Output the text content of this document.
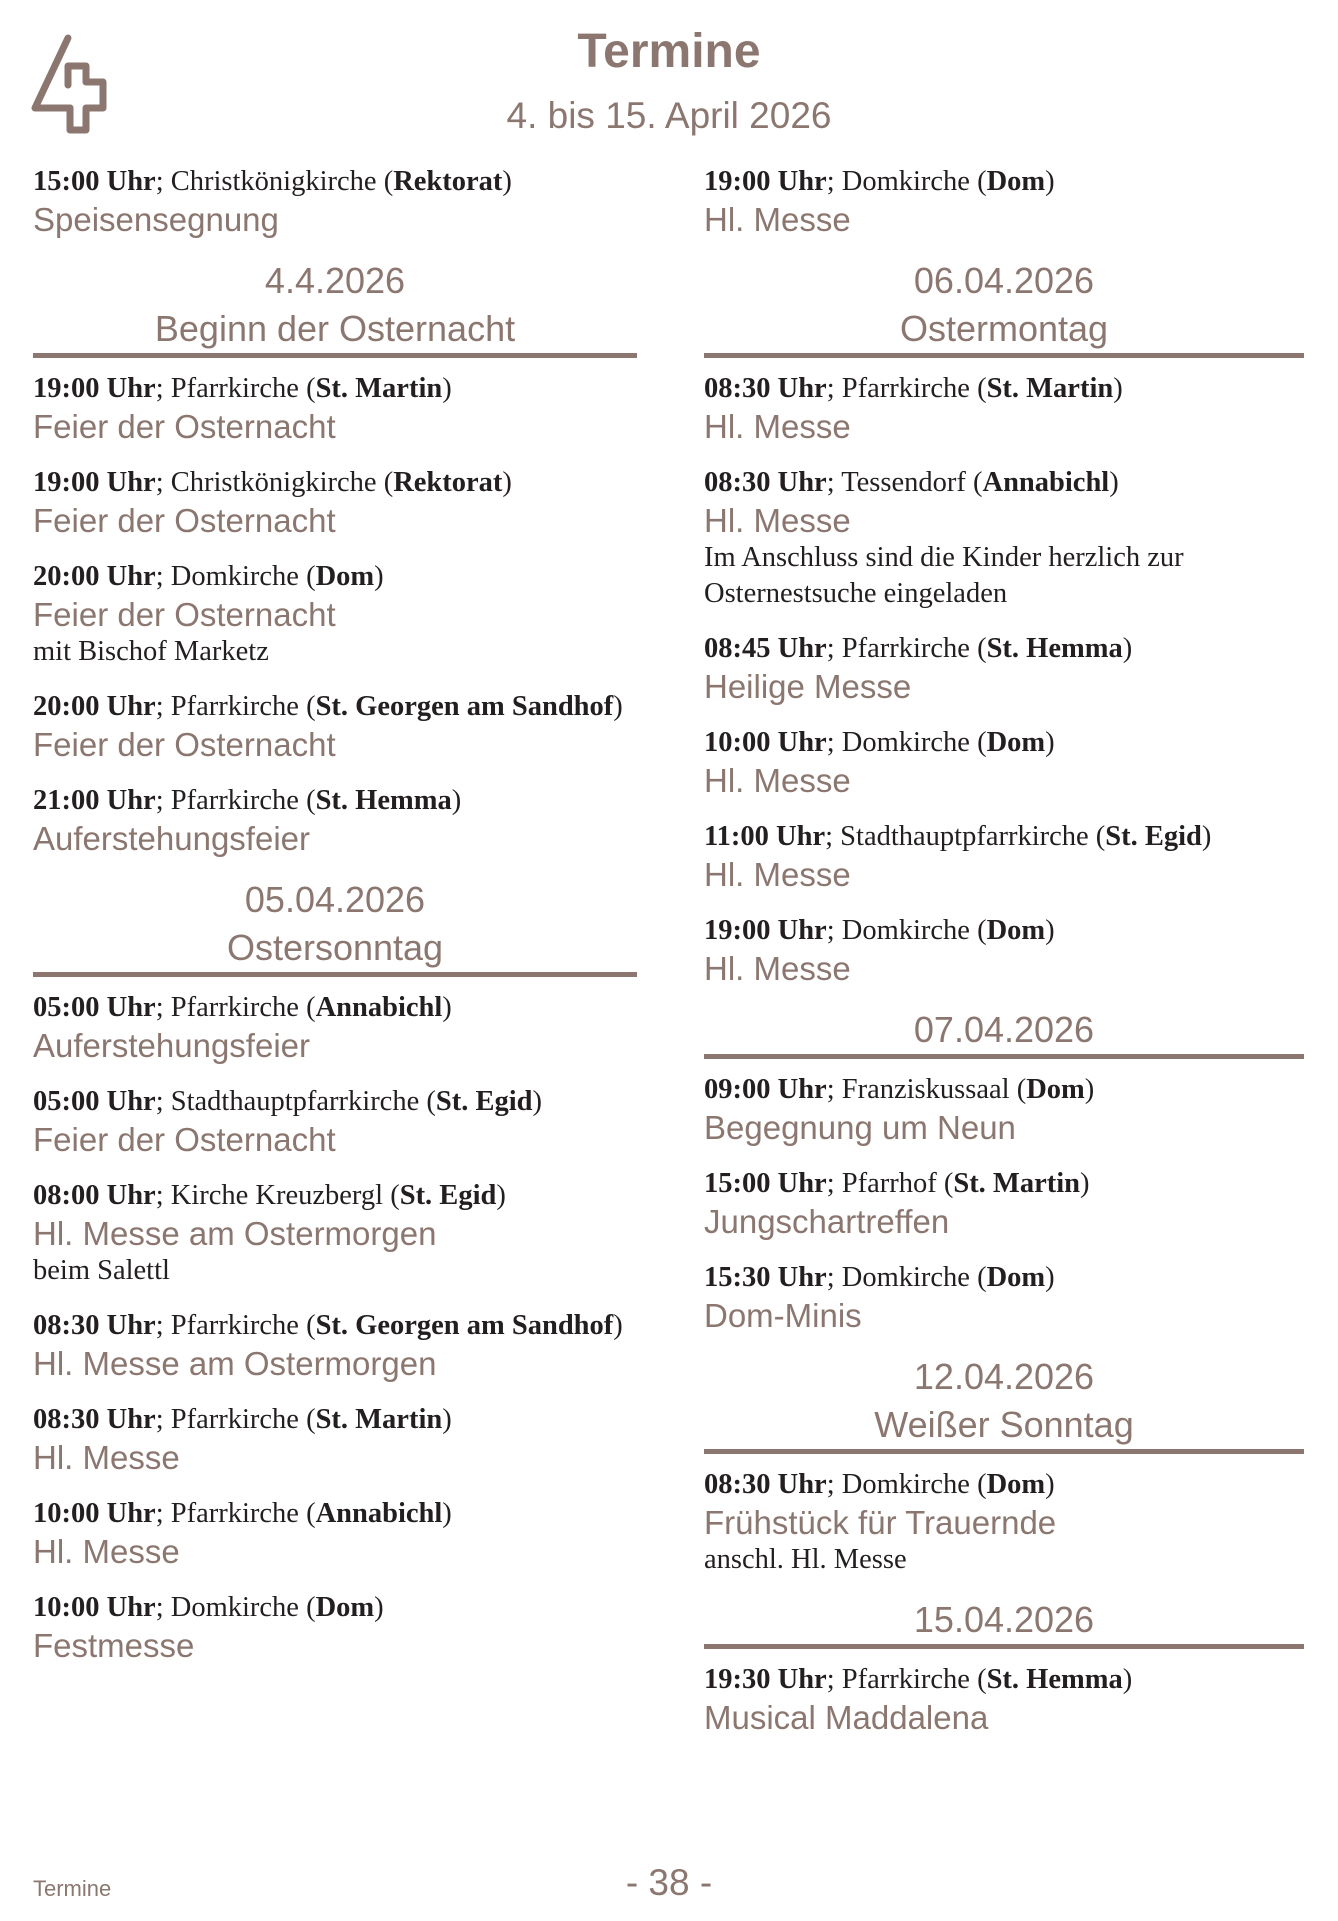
Termine
4. bis 15. April 2026
15:00 Uhr; Christkönigkirche (Rektorat)
Speisensegnung
4.4.2026
Beginn der Osternacht
19:00 Uhr; Pfarrkirche (St. Martin)
Feier der Osternacht
19:00 Uhr; Christkönigkirche (Rektorat)
Feier der Osternacht
20:00 Uhr; Domkirche (Dom)
Feier der Osternacht
mit Bischof Marketz
20:00 Uhr; Pfarrkirche (St. Georgen am Sandhof)
Feier der Osternacht
21:00 Uhr; Pfarrkirche (St. Hemma)
Auferstehungsfeier
05.04.2026
Ostersonntag
05:00 Uhr; Pfarrkirche (Annabichl)
Auferstehungsfeier
05:00 Uhr; Stadthauptpfarrkirche (St. Egid)
Feier der Osternacht
08:00 Uhr; Kirche Kreuzbergl (St. Egid)
Hl. Messe am Ostermorgen
beim Salettl
08:30 Uhr; Pfarrkirche (St. Georgen am Sandhof)
Hl. Messe am Ostermorgen
08:30 Uhr; Pfarrkirche (St. Martin)
Hl. Messe
10:00 Uhr; Pfarrkirche (Annabichl)
Hl. Messe
10:00 Uhr; Domkirche (Dom)
Festmesse
19:00 Uhr; Domkirche (Dom)
Hl. Messe
06.04.2026
Ostermontag
08:30 Uhr; Pfarrkirche (St. Martin)
Hl. Messe
08:30 Uhr; Tessendorf (Annabichl)
Hl. Messe
Im Anschluss sind die Kinder herzlich zur Osternestsuche eingeladen
08:45 Uhr; Pfarrkirche (St. Hemma)
Heilige Messe
10:00 Uhr; Domkirche (Dom)
Hl. Messe
11:00 Uhr; Stadthauptpfarrkirche (St. Egid)
Hl. Messe
19:00 Uhr; Domkirche (Dom)
Hl. Messe
07.04.2026
09:00 Uhr; Franziskussaal (Dom)
Begegnung um Neun
15:00 Uhr; Pfarrhof (St. Martin)
Jungschartreffen
15:30 Uhr; Domkirche (Dom)
Dom-Minis
12.04.2026
Weißer Sonntag
08:30 Uhr; Domkirche (Dom)
Frühstück für Trauernde
anschl. Hl. Messe
15.04.2026
19:30 Uhr; Pfarrkirche (St. Hemma)
Musical Maddalena
Termine	- 38 -
